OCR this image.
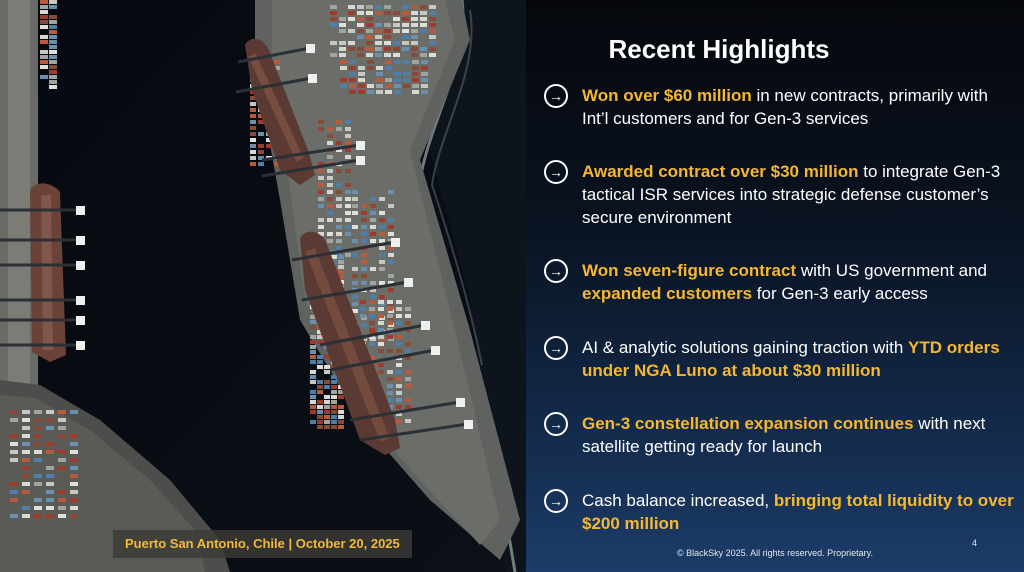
Puerto San Antonio, Chile | October 20, 2025
Recent Highlights
→ Won over $60 million in new contracts, primarily with Int’l customers and for Gen-3 services
→ Awarded contract over $30 million to integrate Gen-3 tactical ISR services into strategic defense customer’s secure environment
→ Won seven-figure contract with US government and expanded customers for Gen-3 early access
→ AI & analytic solutions gaining traction with YTD orders under NGA Luno at about $30 million
→ Gen-3 constellation expansion continues with next satellite getting ready for launch
→ Cash balance increased, bringing total liquidity to over $200 million
4
© BlackSky 2025. All rights reserved. Proprietary.
